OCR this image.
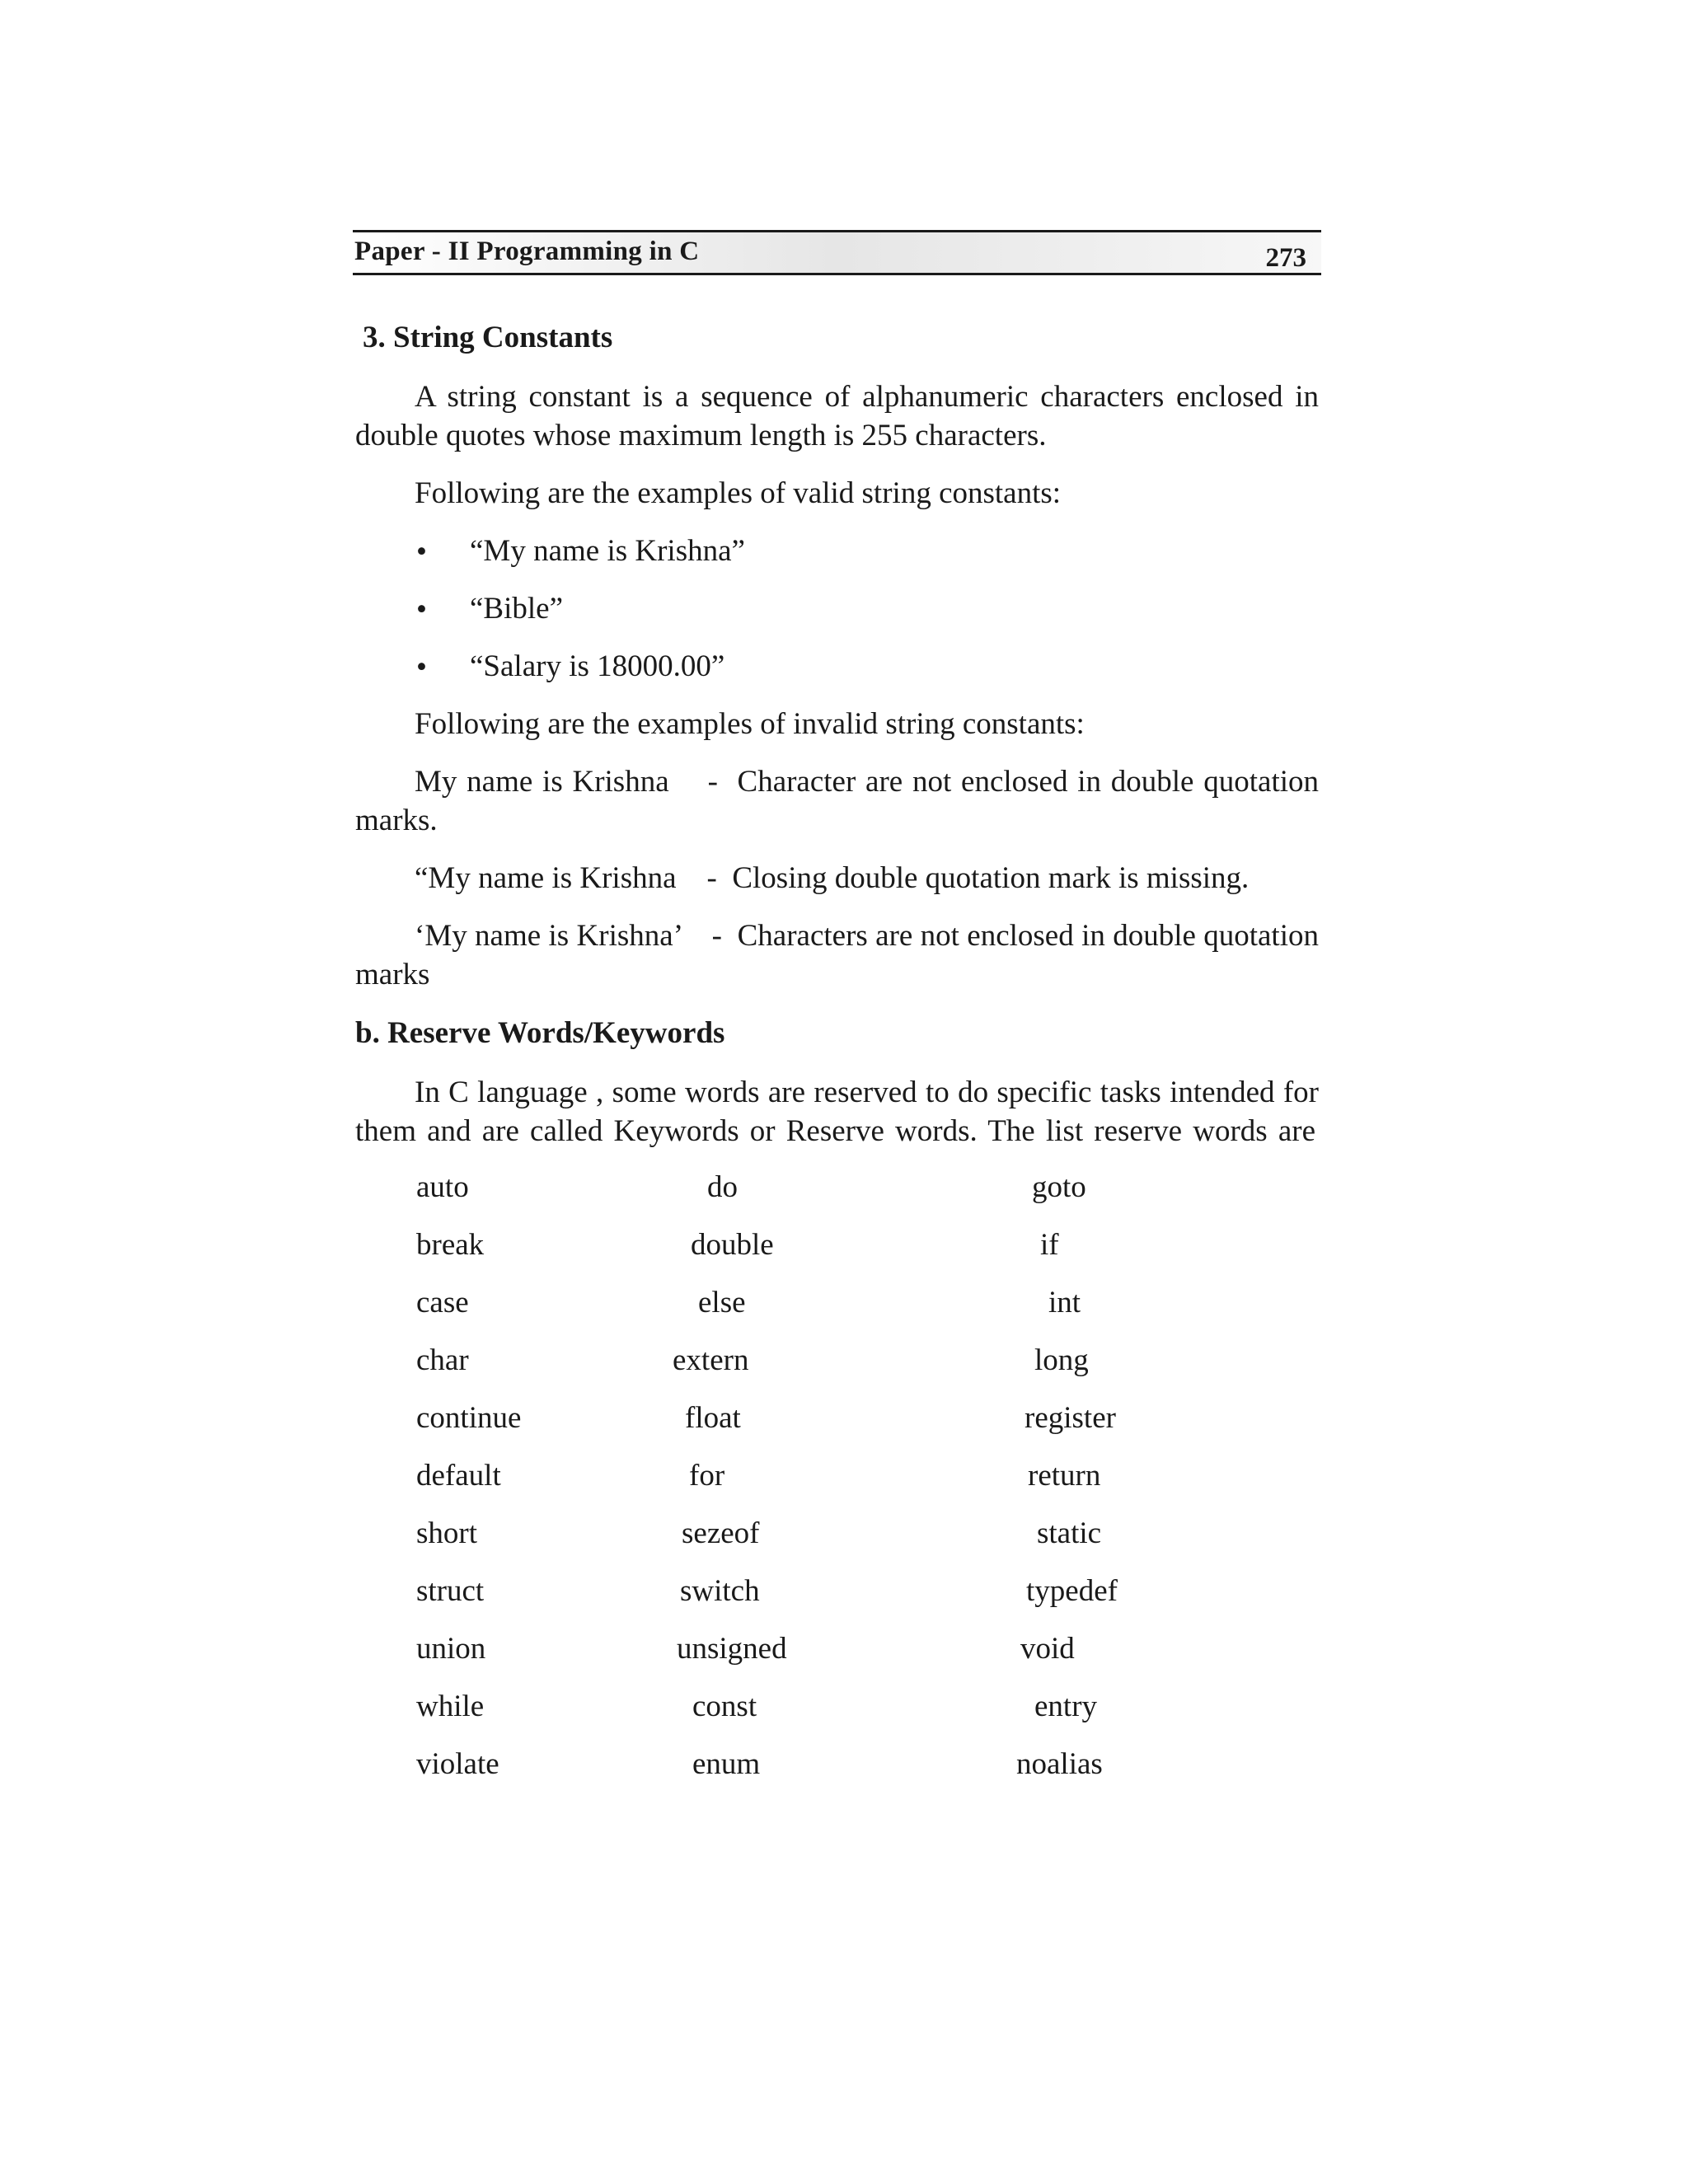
Paper - II Programming in C	273
3. String Constants
A string constant is a sequence of alphanumeric characters enclosed in
double quotes whose maximum length is 255 characters.
Following are the examples of valid string constants:
• “My name is Krishna”
• “Bible”
• “Salary is 18000.00”
Following are the examples of invalid string constants:
My name is Krishna    -  Character are not enclosed in double quotation
marks.
“My name is Krishna    -  Closing double quotation mark is missing.
‘My name is Krishna’    -  Characters are not enclosed in double quotation
marks
b. Reserve Words/Keywords
In C language , some words are reserved to do specific tasks intended for
them and are called Keywords or Reserve words. The list reserve words are
auto	do	goto
break	double	if
case	else	int
char	extern	long
continue	float	register
default	for	return
short	sezeof	static
struct	switch	typedef
union	unsigned	void
while	const	entry
violate	enum	noalias
